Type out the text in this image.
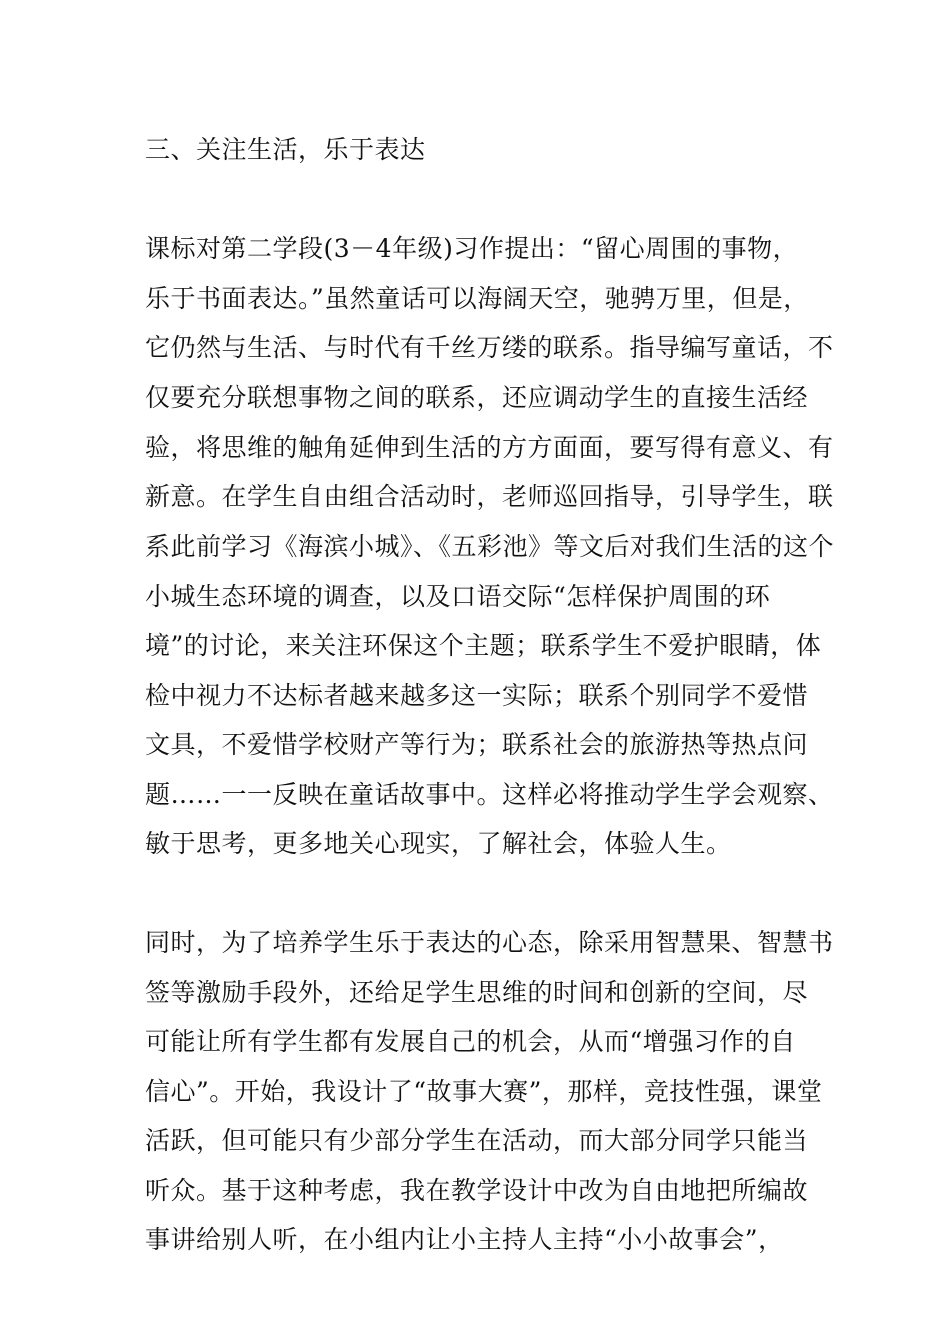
三、关注生活，乐于表达
课标对第二学段(3－4年级)习作提出：“留心周围的事物，
乐于书面表达。”虽然童话可以海阔天空，驰骋万里，但是，
它仍然与生活、与时代有千丝万缕的联系。指导编写童话，不
仅要充分联想事物之间的联系，还应调动学生的直接生活经
验，将思维的触角延伸到生活的方方面面，要写得有意义、有
新意。在学生自由组合活动时，老师巡回指导，引导学生，联
系此前学习《海滨小城》、《五彩池》等文后对我们生活的这个
小城生态环境的调查，以及口语交际“怎样保护周围的环
境”的讨论，来关注环保这个主题；联系学生不爱护眼睛，体
检中视力不达标者越来越多这一实际；联系个别同学不爱惜
文具，不爱惜学校财产等行为；联系社会的旅游热等热点问
题……一一反映在童话故事中。这样必将推动学生学会观察、
敏于思考，更多地关心现实，了解社会，体验人生。
同时，为了培养学生乐于表达的心态，除采用智慧果、智慧书
签等激励手段外，还给足学生思维的时间和创新的空间，尽
可能让所有学生都有发展自己的机会，从而“增强习作的自
信心”。开始，我设计了“故事大赛”，那样，竞技性强，课堂
活跃，但可能只有少部分学生在活动，而大部分同学只能当
听众。基于这种考虑，我在教学设计中改为自由地把所编故
事讲给别人听，在小组内让小主持人主持“小小故事会”，
